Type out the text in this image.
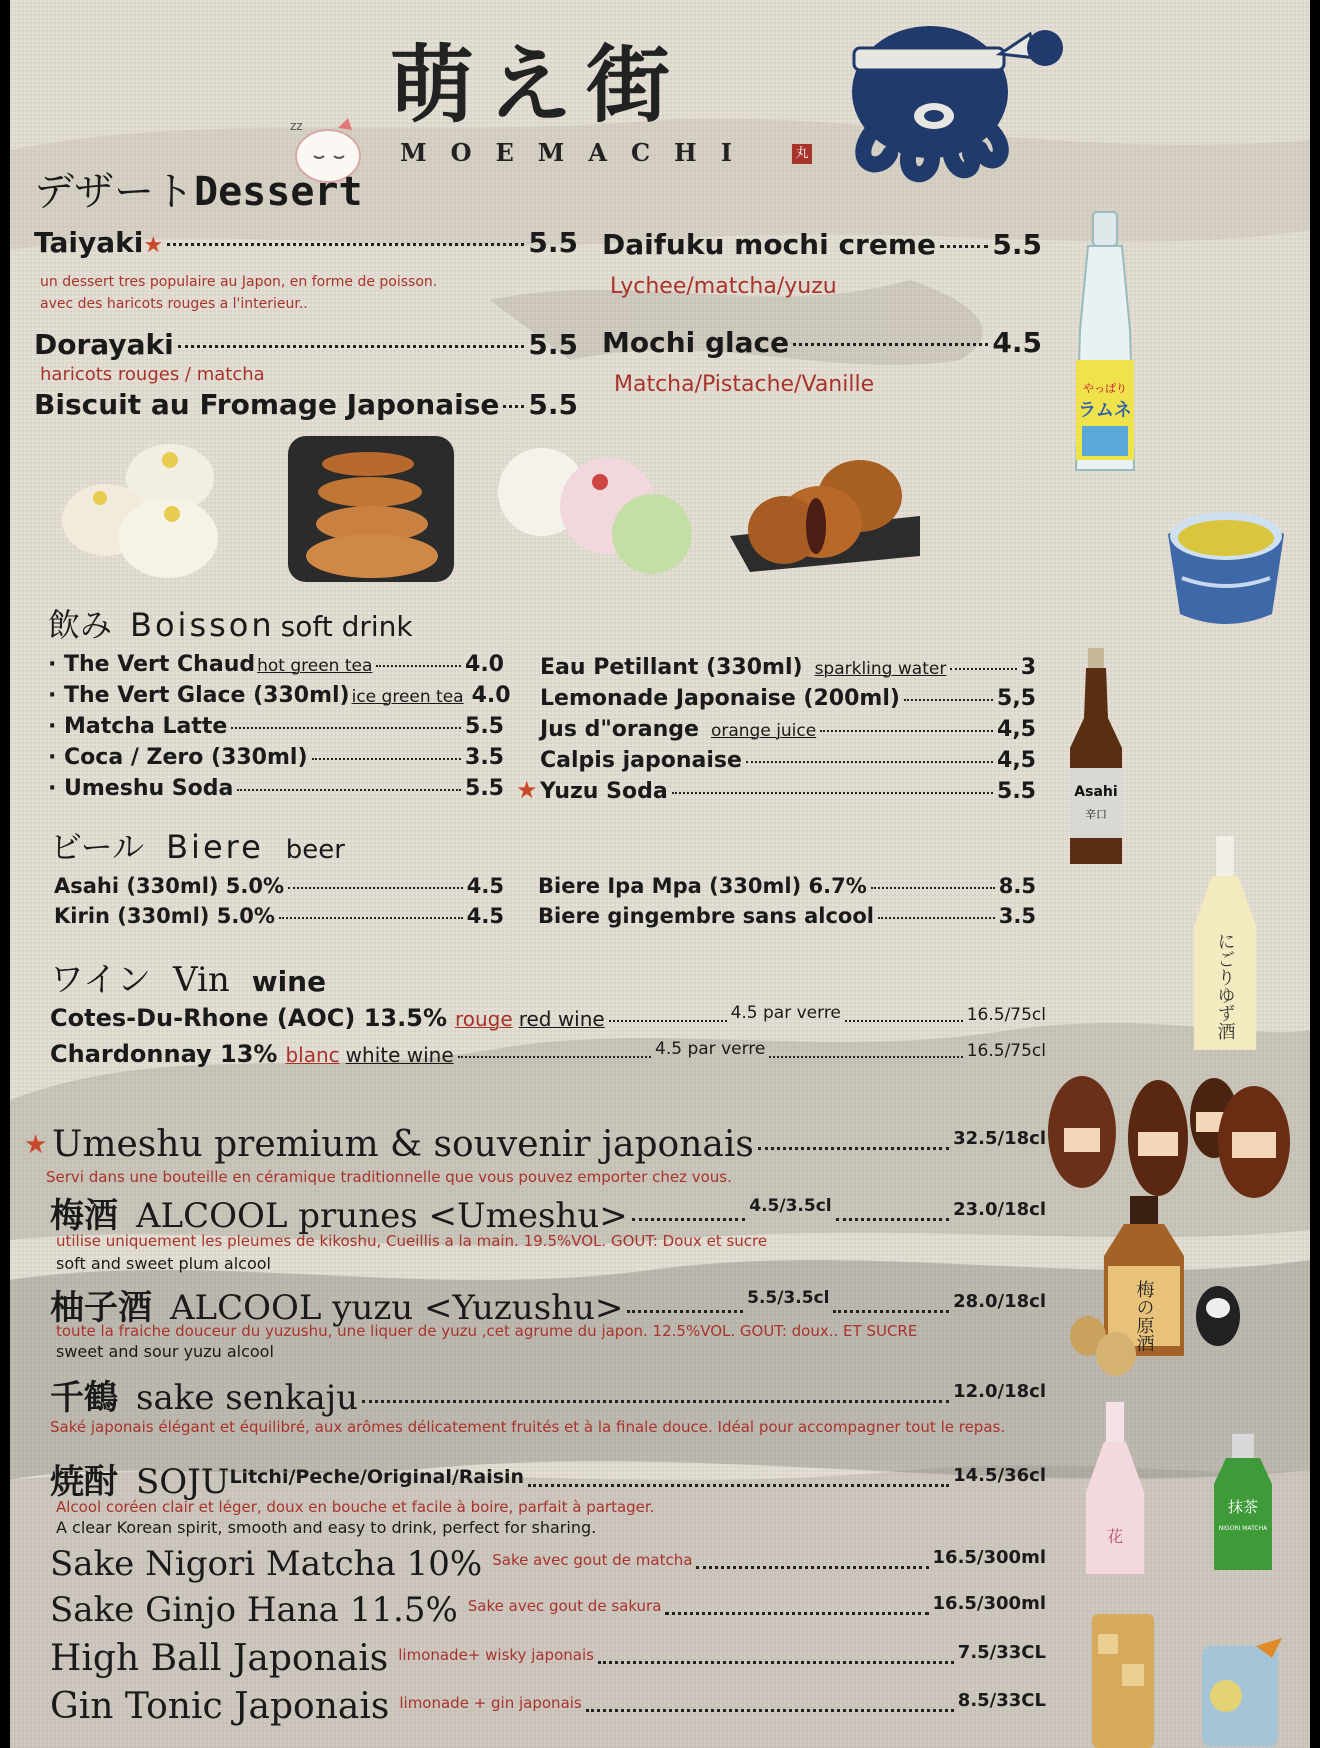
萌え街
MOEMACHI	丸
zz
デザート Dessert
Taiyaki ★	5.5
un dessert tres populaire au Japon, en forme de poisson.
avec des haricots rouges a l'interieur..
Dorayaki	5.5
haricots rouges / matcha
Biscuit au Fromage Japonaise 5.5
Daifuku mochi creme 5.5
Lychee/matcha/yuzu
Mochi glace	4.5
Matcha/Pistache/Vanille	やっぱり
ラムネ
飲み Boisson soft drink
★	Asahi
辛口
ビール Biere beer
にごりゆず酒
ワイン Vin wine
梅の原酒
花
抹茶
NIGORI MATCHA
· The Vert Chaud hot green tea	4.0
· The Vert Glace (330ml) ice green tea 4.0
· Matcha Latte	5.5
· Coca / Zero (330ml)	3.5
· Umeshu Soda	5.5
Eau Petillant (330ml) sparkling water	3
Lemonade Japonaise (200ml)	5,5
Jus d"orange orange juice	4,5
Calpis japonaise	4,5
Yuzu Soda	5.5
Asahi (330ml) 5.0%	4.5
Kirin (330ml) 5.0%	4.5
Biere Ipa Mpa (330ml) 6.7%	8.5
Biere gingembre sans alcool	3.5
Cotes-Du-Rhone (AOC) 13.5% rouge red wine	4.5 par verre	16.5/75cl
Chardonnay 13% blanc white wine	4.5 par verre	16.5/75cl
★ Umeshu premium & souvenir japonais	32.5/18cl
Servi dans une bouteille en céramique traditionnelle que vous pouvez emporter chez vous.
梅酒 ALCOOL prunes <Umeshu>	4.5/3.5cl	23.0/18cl
utilise uniquement les pleumes de kikoshu, Cueillis a la main. 19.5%VOL. GOUT: Doux et sucre
soft and sweet plum alcool
柚子酒 ALCOOL yuzu <Yuzushu>	5.5/3.5cl	28.0/18cl
toute la fraiche douceur du yuzushu, une liquer de yuzu ,cet agrume du japon. 12.5%VOL. GOUT: doux.. ET SUCRE
sweet and sour yuzu alcool
千鶴 sake senkaju	12.0/18cl
Saké japonais élégant et équilibré, aux arômes délicatement fruités et à la finale douce. Idéal pour accompagner tout le repas.
焼酎 SOJU Litchi/Peche/Original/Raisin	14.5/36cl
Alcool coréen clair et léger, doux en bouche et facile à boire, parfait à partager.
A clear Korean spirit, smooth and easy to drink, perfect for sharing.
Sake Nigori Matcha 10% Sake avec gout de matcha	16.5/300ml
Sake Ginjo Hana 11.5% Sake avec gout de sakura	16.5/300ml
High Ball Japonais limonade+ wisky japonais	7.5/33CL
Gin Tonic Japonais limonade + gin japonais	8.5/33CL
